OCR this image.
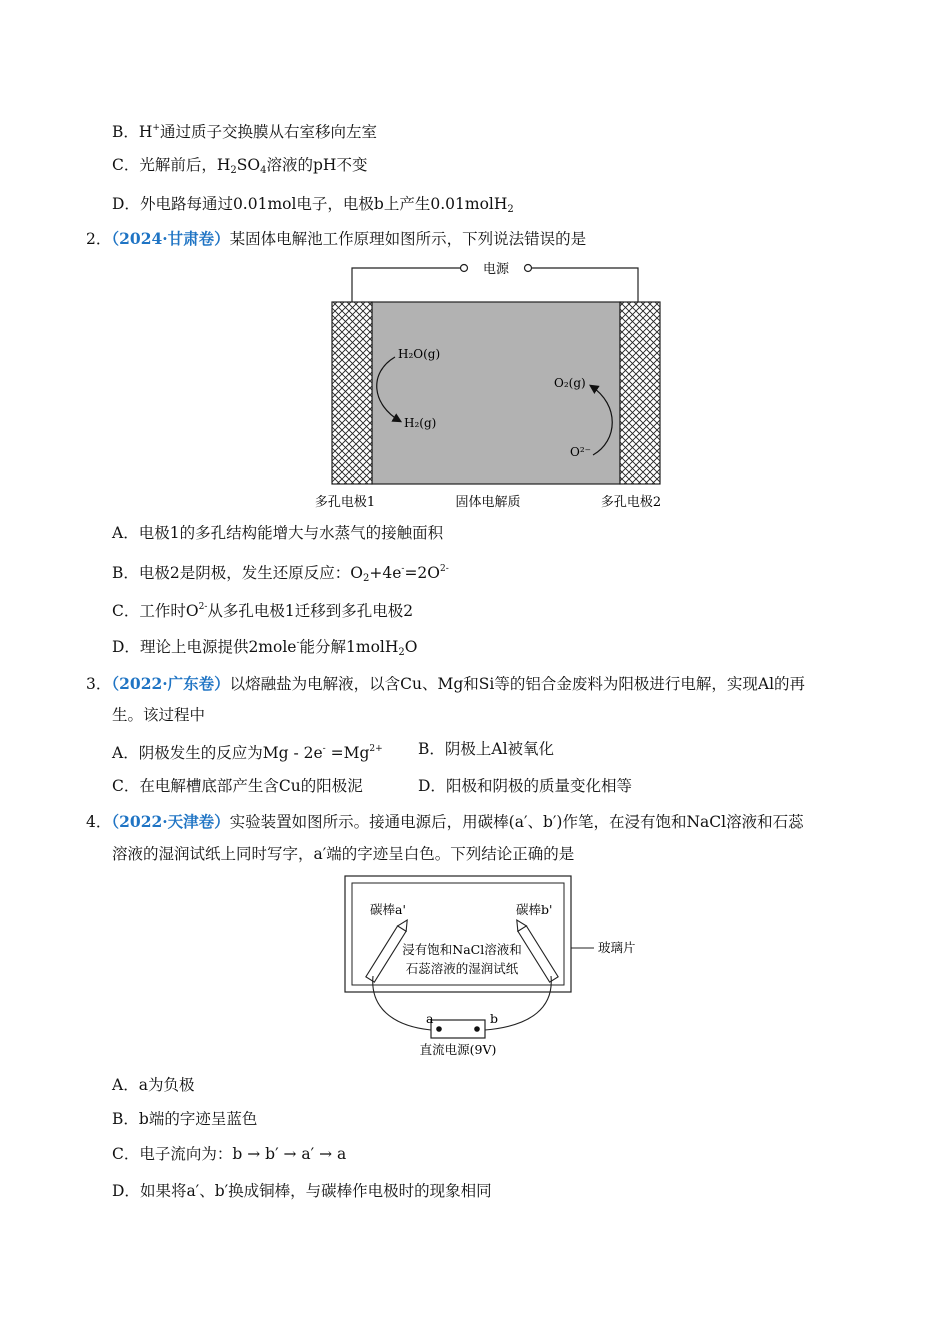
B．H+通过质子交换膜从右室移向左室
C．光解前后，$H_2SO_4$溶液的pH不变
D．外电路每通过0.01mol电子，电极b上产生0.01molH$_2$
2．（2024·甘肃卷）某固体电解池工作原理如图所示，下列说法错误的是
电源
H₂O(g)
H₂(g)
O₂(g)
O²⁻
多孔电极1	固体电解质	多孔电极2
A．电极1的多孔结构能增大与水蒸气的接触面积
B．电极2是阴极，发生还原反应：$O_2+4e^-=2O^{2-}$
C．工作时$O^{2-}$从多孔电极1迁移到多孔电极2
D．理论上电源提供2mole-能分解1molH$_2$O
3．（2022·广东卷）以熔融盐为电解液，以含Cu、Mg和Si等的铝合金废料为阳极进行电解，实现Al的再
生。该过程中
A．阴极发生的反应为$Mg - 2e^- =Mg^{2+}$ B．阴极上Al被氧化
C．在电解槽底部产生含Cu的阳极泥	D．阳极和阴极的质量变化相等
4．（2022·天津卷）实验装置如图所示。接通电源后，用碳棒(a′、b′)作笔，在浸有饱和NaCl溶液和石蕊
溶液的湿润试纸上同时写字，a′端的字迹呈白色。下列结论正确的是
玻璃片
碳棒a'	碳棒b'
浸有饱和NaCl溶液和
石蕊溶液的湿润试纸
a	b
直流电源(9V)
A．a为负极
B．b端的字迹呈蓝色
C．电子流向为：b → b′ → a′ → a
D．如果将a′、b′换成铜棒，与碳棒作电极时的现象相同
